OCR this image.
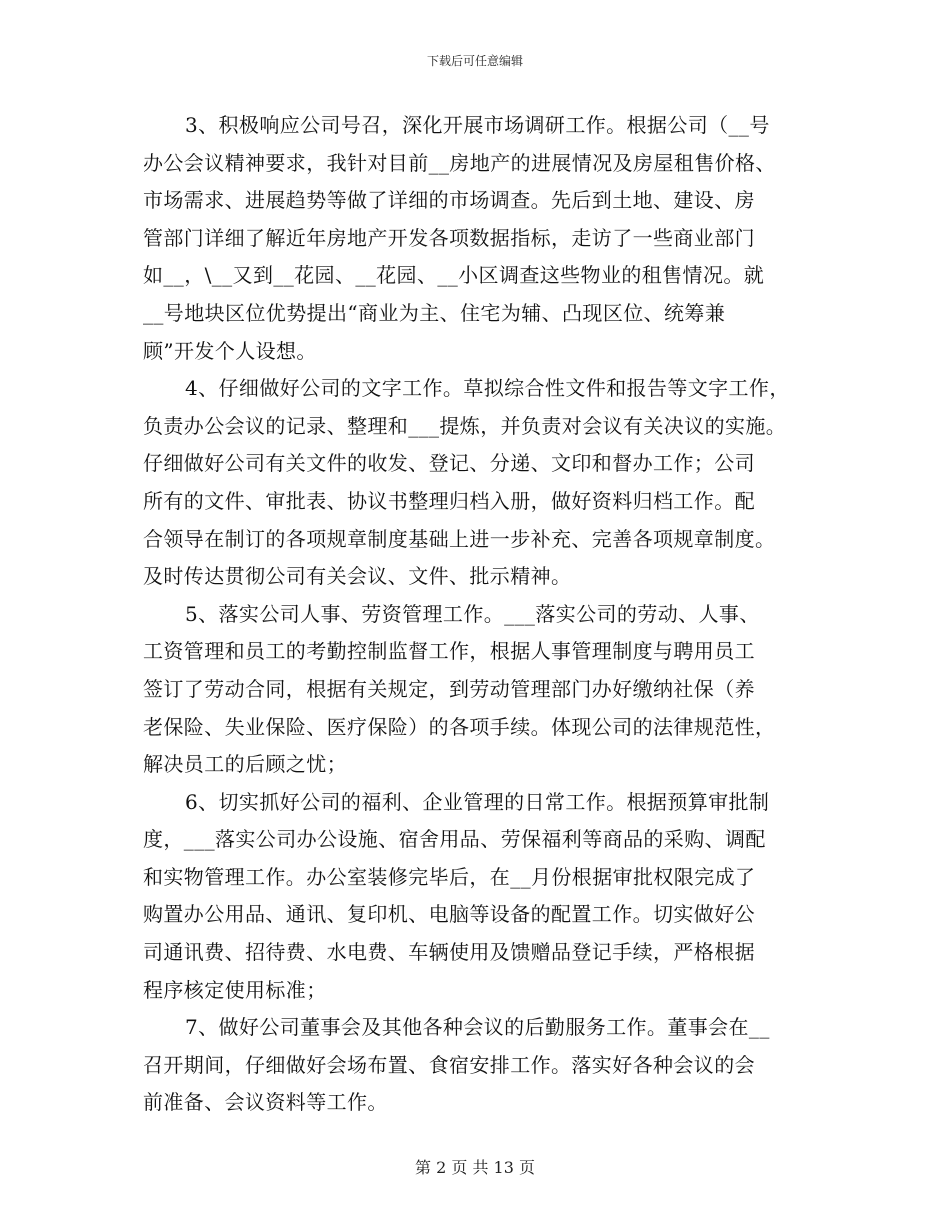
下载后可任意编辑
3、积极响应公司号召，深化开展市场调研工作。根据公司（__号
办公会议精神要求，我针对目前__房地产的进展情况及房屋租售价格、
市场需求、进展趋势等做了详细的市场调查。先后到土地、建设、房
管部门详细了解近年房地产开发各项数据指标，走访了一些商业部门
如__，\__又到__花园、__花园、__小区调查这些物业的租售情况。就
__号地块区位优势提出“商业为主、住宅为辅、凸现区位、统筹兼
顾”开发个人设想。
4、仔细做好公司的文字工作。草拟综合性文件和报告等文字工作，
负责办公会议的记录、整理和___提炼，并负责对会议有关决议的实施。
仔细做好公司有关文件的收发、登记、分递、文印和督办工作；公司
所有的文件、审批表、协议书整理归档入册，做好资料归档工作。配
合领导在制订的各项规章制度基础上进一步补充、完善各项规章制度。
及时传达贯彻公司有关会议、文件、批示精神。
5、落实公司人事、劳资管理工作。___落实公司的劳动、人事、
工资管理和员工的考勤控制监督工作，根据人事管理制度与聘用员工
签订了劳动合同，根据有关规定，到劳动管理部门办好缴纳社保（养
老保险、失业保险、医疗保险）的各项手续。体现公司的法律规范性，
解决员工的后顾之忧；
6、切实抓好公司的福利、企业管理的日常工作。根据预算审批制
度，___落实公司办公设施、宿舍用品、劳保福利等商品的采购、调配
和实物管理工作。办公室装修完毕后，在__月份根据审批权限完成了
购置办公用品、通讯、复印机、电脑等设备的配置工作。切实做好公
司通讯费、招待费、水电费、车辆使用及馈赠品登记手续，严格根据
程序核定使用标准；
7、做好公司董事会及其他各种会议的后勤服务工作。董事会在__
召开期间，仔细做好会场布置、食宿安排工作。落实好各种会议的会
前准备、会议资料等工作。
第 2 页 共 13 页
